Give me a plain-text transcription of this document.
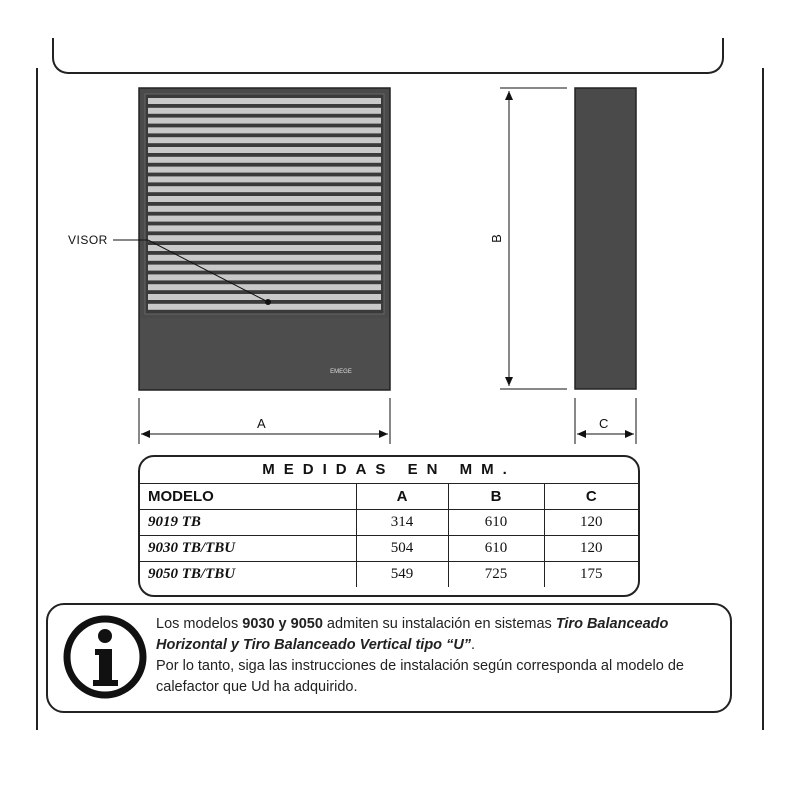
EMEGE
VISOR
A
B
C
MEDIDAS EN MM.
MODELO	A	B	C
9019 TB	314	610	120
9030 TB/TBU	504	610	120
9050 TB/TBU	549	725	175
Los modelos 9030 y 9050 admiten su instalación en sistemas Tiro Balanceado Horizontal y Tiro Balanceado Vertical tipo “U”.
Por lo tanto, siga las instrucciones de instalación según corresponda al modelo de calefactor que Ud ha adquirido.
